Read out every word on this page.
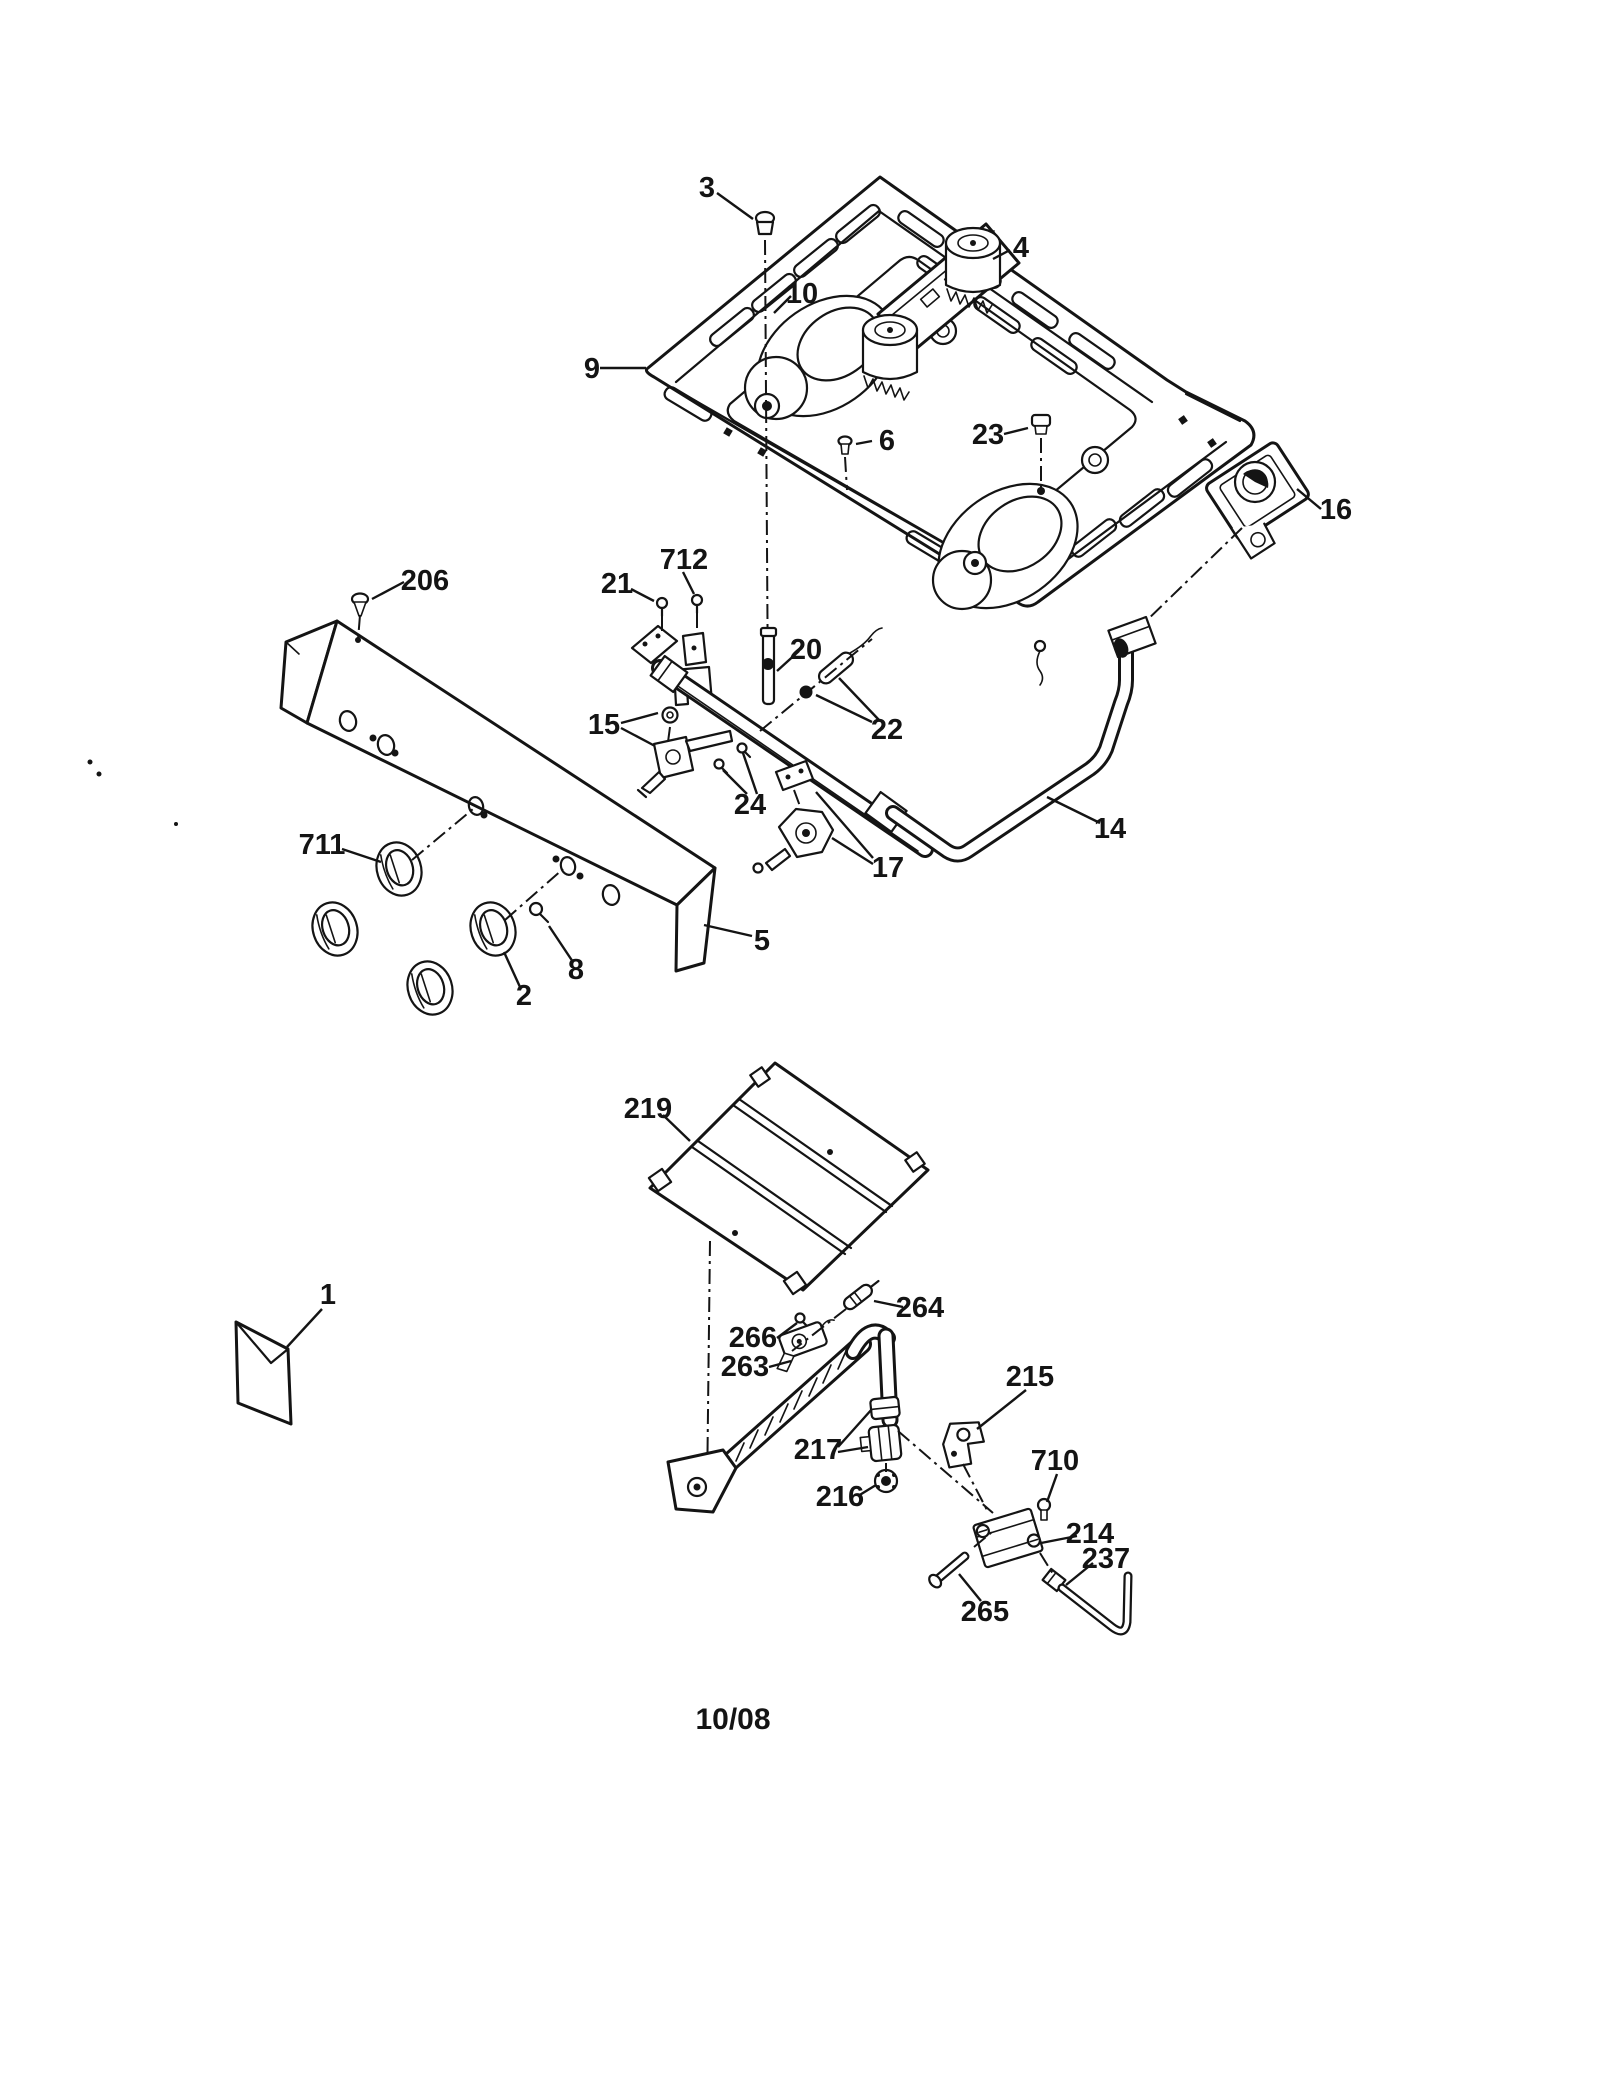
3
10
4
9
6	23
16
206	21
712
20
22
15
24
17
14
5
711
2
8
219
1	264
266
263
217
215
216
710
214
237
265
10/08
